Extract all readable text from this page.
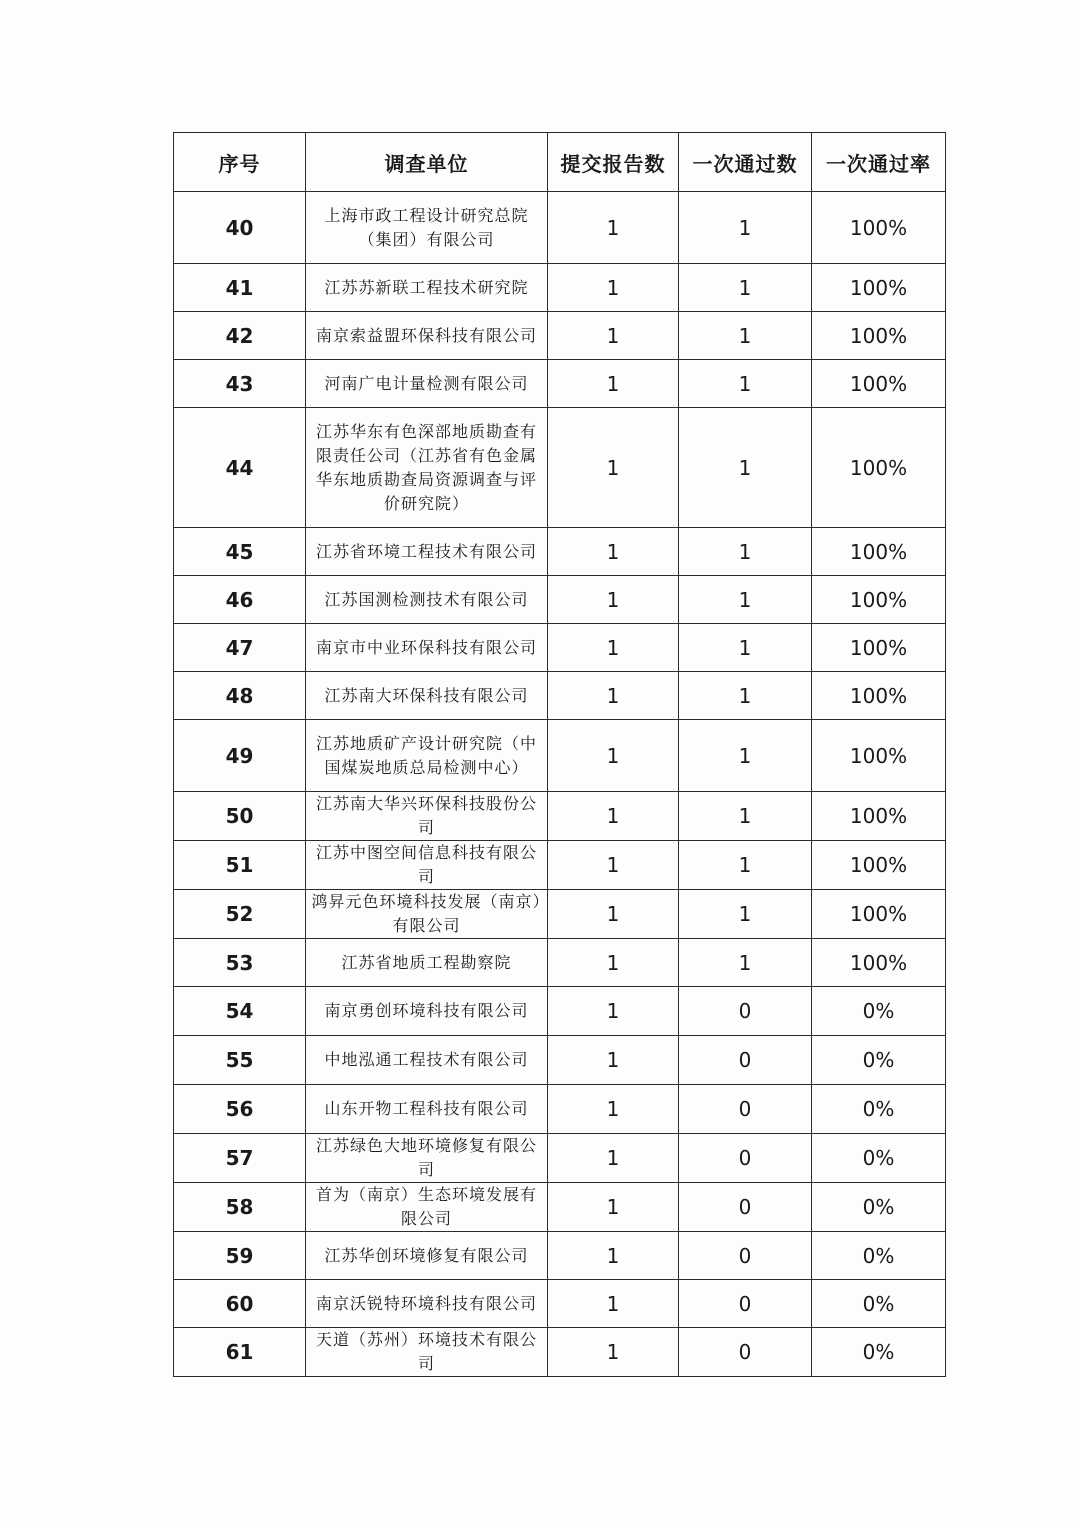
序号	调查单位	提交报告数	一次通过数	一次通过率
40	上海市政工程设计研究总院（集团）有限公司	1	1	100%
41	江苏苏新联工程技术研究院	1	1	100%
42	南京索益盟环保科技有限公司	1	1	100%
43	河南广电计量检测有限公司	1	1	100%
44	江苏华东有色深部地质勘查有限责任公司（江苏省有色金属华东地质勘查局资源调查与评价研究院）	1	1	100%
45	江苏省环境工程技术有限公司	1	1	100%
46	江苏国测检测技术有限公司	1	1	100%
47	南京市中业环保科技有限公司	1	1	100%
48	江苏南大环保科技有限公司	1	1	100%
49	江苏地质矿产设计研究院（中国煤炭地质总局检测中心）	1	1	100%
50	江苏南大华兴环保科技股份公司	1	1	100%
51	江苏中图空间信息科技有限公司	1	1	100%
52	鸿昇元色环境科技发展（南京）有限公司	1	1	100%
53	江苏省地质工程勘察院	1	1	100%
54	南京勇创环境科技有限公司	1	0	0%
55	中地泓通工程技术有限公司	1	0	0%
56	山东开物工程科技有限公司	1	0	0%
57	江苏绿色大地环境修复有限公司	1	0	0%
58	首为（南京）生态环境发展有限公司	1	0	0%
59	江苏华创环境修复有限公司	1	0	0%
60	南京沃锐特环境科技有限公司	1	0	0%
61	天道（苏州）环境技术有限公司	1	0	0%
